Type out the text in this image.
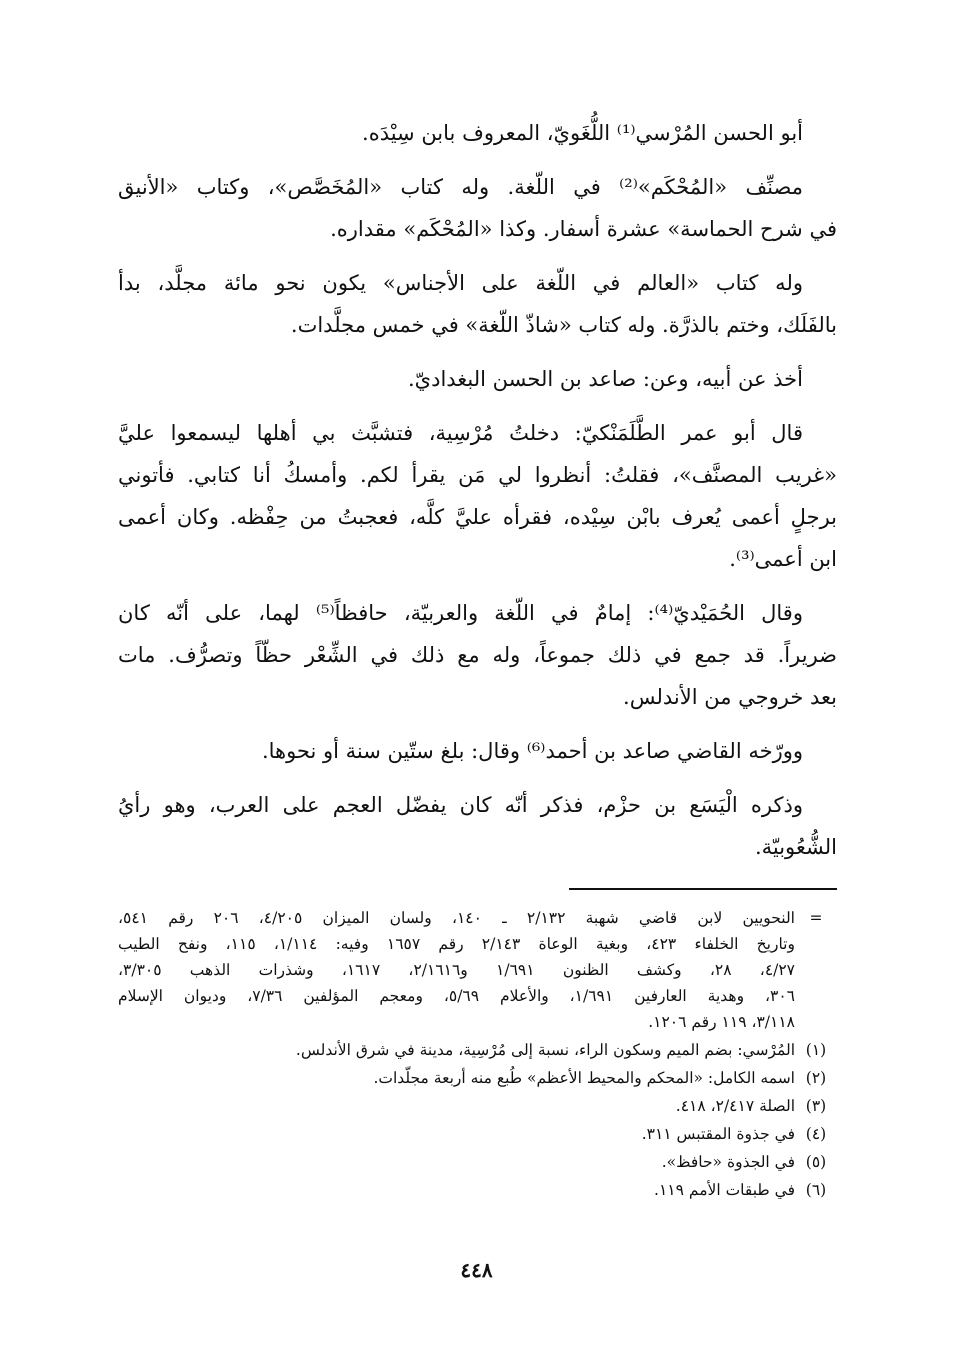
أبو الحسن المُرْسي⁽¹⁾ اللُّغَويّ، المعروف بابن سِيْدَه.
مصنِّف «المُحْكَم»⁽²⁾ في اللّغة. وله كتاب «المُخَصَّص»، وكتاب «الأنيق
في شرح الحماسة» عشرة أسفار. وكذا «المُحْكَم» مقداره.
وله كتاب «العالم في اللّغة على الأجناس» يكون نحو مائة مجلَّد، بدأ
بالفَلَك، وختم بالذرَّة. وله كتاب «شاذّ اللّغة» في خمس مجلَّدات.
أخذ عن أبيه، وعن: صاعد بن الحسن البغداديّ.
قال أبو عمر الطَّلَمَنْكيّ: دخلتُ مُرْسِية، فتشبَّث بي أهلها ليسمعوا عليَّ
«غريب المصنَّف»، فقلتُ: أنظروا لي مَن يقرأ لكم. وأمسكُ أنا كتابي. فأتوني
برجلٍ أعمى يُعرف بابْن سِيْده، فقرأه عليَّ كلَّه، فعجبتُ من حِفْظه. وكان أعمى
ابن أعمى⁽³⁾.
وقال الحُمَيْديّ⁽⁴⁾: إمامٌ في اللّغة والعربيّة، حافظاً⁽⁵⁾ لهما، على أنّه كان
ضريراً. قد جمع في ذلك جموعاً، وله مع ذلك في الشِّعْر حظّاً وتصرُّف. مات
بعد خروجي من الأندلس.
وورّخه القاضي صاعد بن أحمد⁽⁶⁾ وقال: بلغ ستّين سنة أو نحوها.
وذكره الْيَسَع بن حزْم، فذكر أنّه كان يفضّل العجم على العرب، وهو رأيُ
الشُّعُوبيّة.
=
النحويين لابن قاضي شهبة ٢/١٣٢ ـ ١٤٠، ولسان الميزان ٤/٢٠٥، ٢٠٦ رقم ٥٤١،
وتاريخ الخلفاء ٤٢٣، وبغية الوعاة ٢/١٤٣ رقم ١٦٥٧ وفيه: ١/١١٤، ١١٥، ونفح الطيب
٤/٢٧، ٢٨، وكشف الظنون ١/٦٩١ و٢/١٦١٦، ١٦١٧، وشذرات الذهب ٣/٣٠٥،
٣٠٦، وهدية العارفين ١/٦٩١، والأعلام ٥/٦٩، ومعجم المؤلفين ٧/٣٦، وديوان الإسلام
٣/١١٨، ١١٩ رقم ١٢٠٦.
(١)
المُرْسي: بضم الميم وسكون الراء، نسبة إلى مُرْسِية، مدينة في شرق الأندلس.
(٢)
اسمه الكامل: «المحكم والمحيط الأعظم» طُبع منه أربعة مجلّدات.
(٣)
الصلة ٢/٤١٧، ٤١٨.
(٤)
في جذوة المقتبس ٣١١.
(٥)
في الجذوة «حافظ».
(٦)
في طبقات الأمم ١١٩.
٤٤٨
